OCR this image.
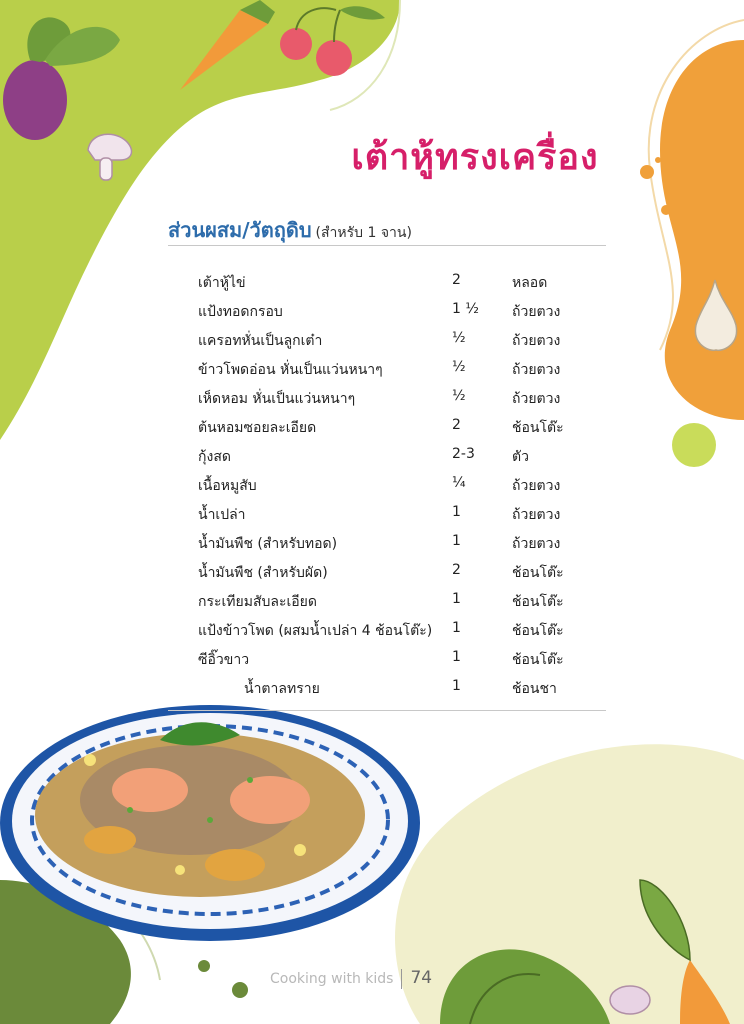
เต้าหู้ทรงเครื่อง
ส่วนผสม/วัตถุดิบ (สำหรับ 1 จาน)
เต้าหู้ไข่	2	หลอด
แป้งทอดกรอบ	1 ½ ถ้วยตวง
แครอทหั่นเป็นลูกเต๋า	½	ถ้วยตวง
ข้าวโพดอ่อน หั่นเป็นแว่นหนาๆ	½	ถ้วยตวง
เห็ดหอม หั่นเป็นแว่นหนาๆ	½	ถ้วยตวง
ต้นหอมซอยละเอียด	2	ช้อนโต๊ะ
กุ้งสด	2-3	ตัว
เนื้อหมูสับ	¼	ถ้วยตวง
น้ำเปล่า	1	ถ้วยตวง
น้ำมันพืช (สำหรับทอด)	1	ถ้วยตวง
น้ำมันพืช (สำหรับผัด)	2	ช้อนโต๊ะ
กระเทียมสับละเอียด	1	ช้อนโต๊ะ
แป้งข้าวโพด (ผสมน้ำเปล่า 4 ช้อนโต๊ะ) 1	ช้อนโต๊ะ
ซีอิ๊วขาว	1	ช้อนโต๊ะ
น้ำตาลทราย	1	ช้อนชา
Cooking with kids 74
